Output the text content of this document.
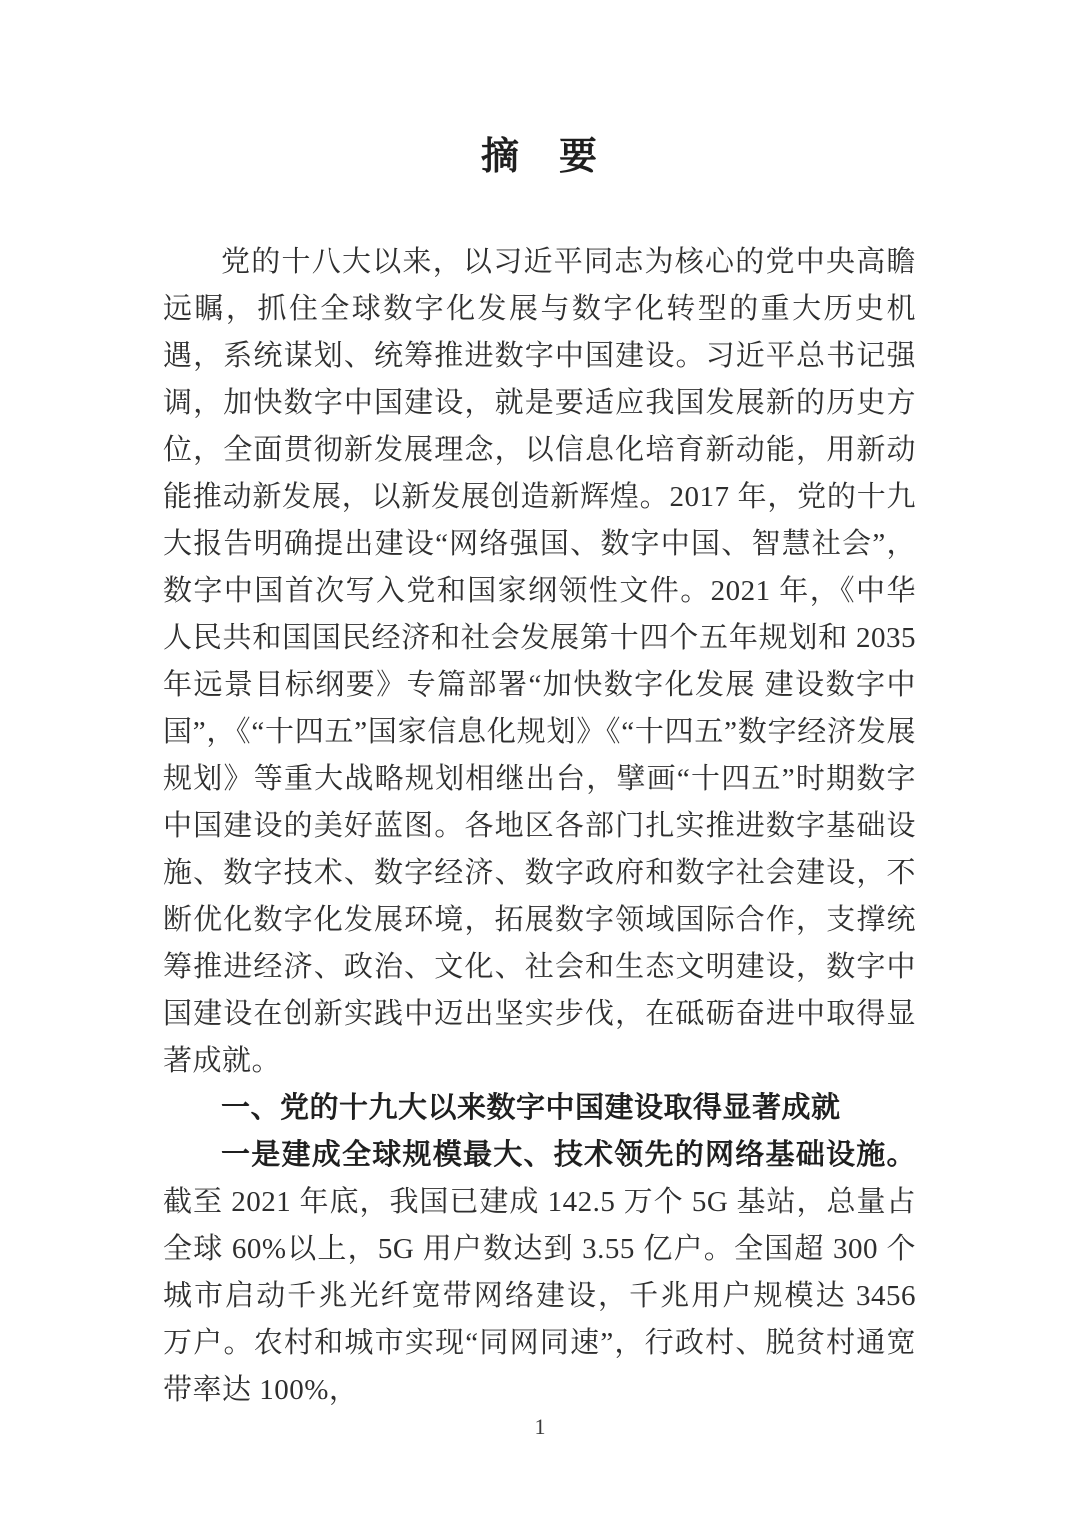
摘　要

党的十八大以来，以习近平同志为核心的党中央高瞻远瞩，抓住全球数字化发展与数字化转型的重大历史机遇，系统谋划、统筹推进数字中国建设。习近平总书记强调，加快数字中国建设，就是要适应我国发展新的历史方位，全面贯彻新发展理念，以信息化培育新动能，用新动能推动新发展，以新发展创造新辉煌。2017 年，党的十九大报告明确提出建设“网络强国、数字中国、智慧社会”，数字中国首次写入党和国家纲领性文件。2021 年，《中华人民共和国国民经济和社会发展第十四个五年规划和 2035 年远景目标纲要》专篇部署“加快数字化发展 建设数字中国”，《“十四五”国家信息化规划》《“十四五”数字经济发展规划》等重大战略规划相继出台，擘画“十四五”时期数字中国建设的美好蓝图。各地区各部门扎实推进数字基础设施、数字技术、数字经济、数字政府和数字社会建设，不断优化数字化发展环境，拓展数字领域国际合作，支撑统筹推进经济、政治、文化、社会和生态文明建设，数字中国建设在创新实践中迈出坚实步伐，在砥砺奋进中取得显著成就。

一、党的十九大以来数字中国建设取得显著成就

一是建成全球规模最大、技术领先的网络基础设施。截至 2021 年底，我国已建成 142.5 万个 5G 基站，总量占全球 60%以上，5G 用户数达到 3.55 亿户。全国超 300 个城市启动千兆光纤宽带网络建设，千兆用户规模达 3456 万户。农村和城市实现“同网同速”，行政村、脱贫村通宽带率达 100%，

1
